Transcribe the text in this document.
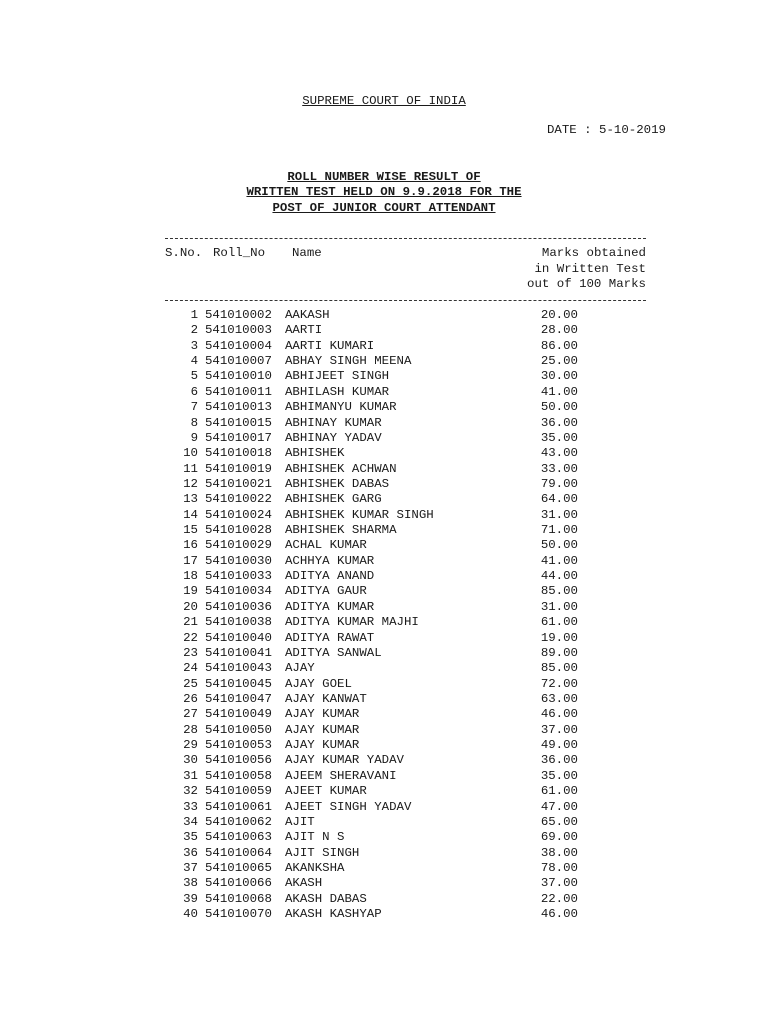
SUPREME COURT OF INDIA
DATE : 5-10-2019
ROLL NUMBER WISE RESULT OF
WRITTEN TEST HELD ON 9.9.2018 FOR THE
POST OF JUNIOR COURT ATTENDANT
S.No. Roll_No Name	Marks obtained
in Written Test
out of 100 Marks
1 541010002 AAKASH	20.00
2 541010003 AARTI	28.00
3 541010004 AARTI KUMARI	86.00
4 541010007 ABHAY SINGH MEENA	25.00
5 541010010 ABHIJEET SINGH	30.00
6 541010011 ABHILASH KUMAR	41.00
7 541010013 ABHIMANYU KUMAR	50.00
8 541010015 ABHINAY KUMAR	36.00
9 541010017 ABHINAY YADAV	35.00
10 541010018 ABHISHEK	43.00
11 541010019 ABHISHEK ACHWAN	33.00
12 541010021 ABHISHEK DABAS	79.00
13 541010022 ABHISHEK GARG	64.00
14 541010024 ABHISHEK KUMAR SINGH	31.00
15 541010028 ABHISHEK SHARMA	71.00
16 541010029 ACHAL KUMAR	50.00
17 541010030 ACHHYA KUMAR	41.00
18 541010033 ADITYA ANAND	44.00
19 541010034 ADITYA GAUR	85.00
20 541010036 ADITYA KUMAR	31.00
21 541010038 ADITYA KUMAR MAJHI	61.00
22 541010040 ADITYA RAWAT	19.00
23 541010041 ADITYA SANWAL	89.00
24 541010043 AJAY	85.00
25 541010045 AJAY GOEL	72.00
26 541010047 AJAY KANWAT	63.00
27 541010049 AJAY KUMAR	46.00
28 541010050 AJAY KUMAR	37.00
29 541010053 AJAY KUMAR	49.00
30 541010056 AJAY KUMAR YADAV	36.00
31 541010058 AJEEM SHERAVANI	35.00
32 541010059 AJEET KUMAR	61.00
33 541010061 AJEET SINGH YADAV	47.00
34 541010062 AJIT	65.00
35 541010063 AJIT N S	69.00
36 541010064 AJIT SINGH	38.00
37 541010065 AKANKSHA	78.00
38 541010066 AKASH	37.00
39 541010068 AKASH DABAS	22.00
40 541010070 AKASH KASHYAP	46.00
